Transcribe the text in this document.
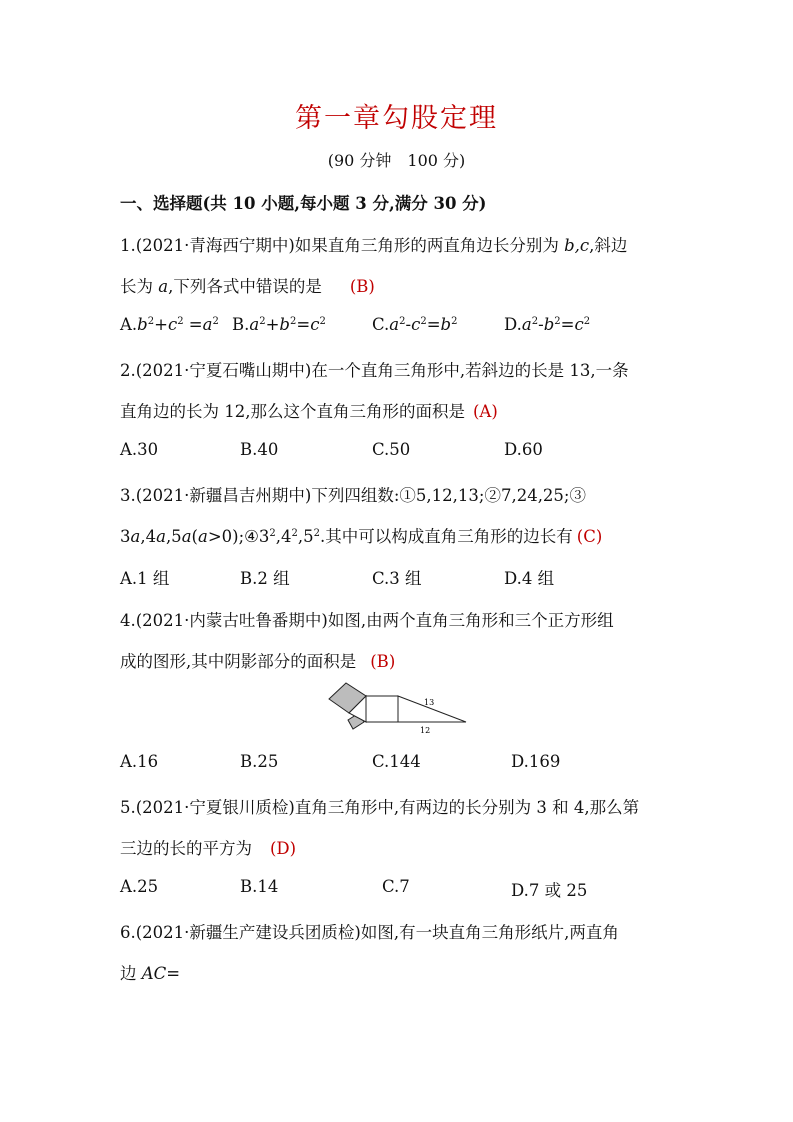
第一章勾股定理
(90 分钟　100 分)
一、选择题(共 10 小题,每小题 3 分,满分 30 分)
1.(2021·青海西宁期中)如果直角三角形的两直角边长分别为 b,c,斜边
长为 a,下列各式中错误的是 (B)
$A.b^2+c^2 =a^2$ $B.a^2+b^2=c^2$	$C.a^2-c^2=b^2$	$D.a^2-b^2=c^2$
2.(2021·宁夏石嘴山期中)在一个直角三角形中,若斜边的长是 13,一条
直角边的长为 12,那么这个直角三角形的面积是 (A)
A.30	B.40	C.50	D.60
3.(2021·新疆昌吉州期中)下列四组数:①5,12,13;②7,24,25;③
$3a,4a,5a(a>0);④3^2,4^2,5^2$.其中可以构成直角三角形的边长有 (C)
A.1 组	B.2 组	C.3 组	D.4 组
4.(2021·内蒙古吐鲁番期中)如图,由两个直角三角形和三个正方形组
成的图形,其中阴影部分的面积是 (B)
13
12
A.16	B.25	C.144	D.169
5.(2021·宁夏银川质检)直角三角形中,有两边的长分别为 3 和 4,那么第
三边的长的平方为 (D)
A.25	B.14	C.7	D.7 或 25
6.(2021·新疆生产建设兵团质检)如图,有一块直角三角形纸片,两直角
边 AC=
